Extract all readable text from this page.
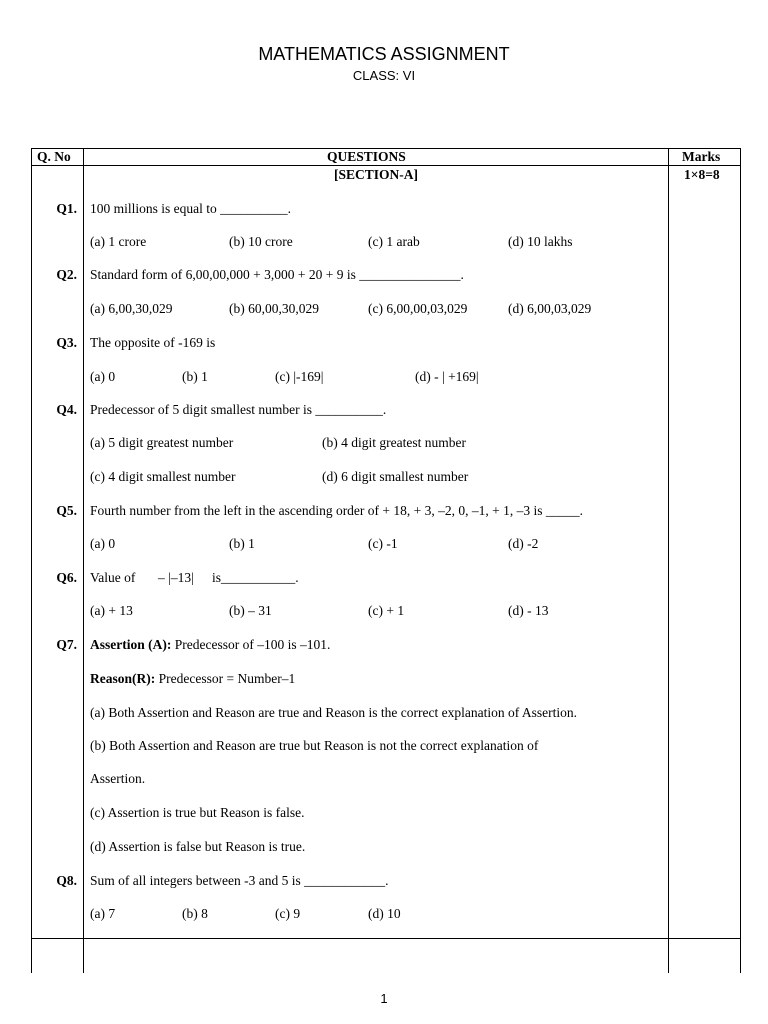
MATHEMATICS ASSIGNMENT
CLASS: VI
Q. No	QUESTIONS	Marks
[SECTION-A]	1×8=8
Q1. 100 millions is equal to __________.
(a) 1 crore	(b) 10 crore	(c) 1 arab	(d) 10 lakhs
Q2. Standard form of 6,00,00,000 + 3,000 + 20 + 9 is _______________.
(a) 6,00,30,029	(b) 60,00,30,029	(c) 6,00,00,03,029	(d) 6,00,03,029
Q3. The opposite of -169 is
(a) 0	(b) 1	(c) |-169|	(d) - | +169|
Q4. Predecessor of 5 digit smallest number is __________.
(a) 5 digit greatest number	(b) 4 digit greatest number
(c) 4 digit smallest number	(d) 6 digit smallest number
Q5. Fourth number from the left in the ascending order of + 18, + 3, –2, 0, –1, + 1, –3 is _____.
(a) 0	(b) 1	(c) -1	(d) -2
Q6. Value of – |–13| is___________.
(a) + 13	(b) – 31	(c) + 1	(d) - 13
Q7. Assertion (A): Predecessor of –100 is –101.
Reason(R): Predecessor = Number–1
(a) Both Assertion and Reason are true and Reason is the correct explanation of Assertion.
(b) Both Assertion and Reason are true but Reason is not the correct explanation of
Assertion.
(c) Assertion is true but Reason is false.
(d) Assertion is false but Reason is true.
Q8. Sum of all integers between -3 and 5 is ____________.
(a) 7	(b) 8	(c) 9	(d) 10
1
